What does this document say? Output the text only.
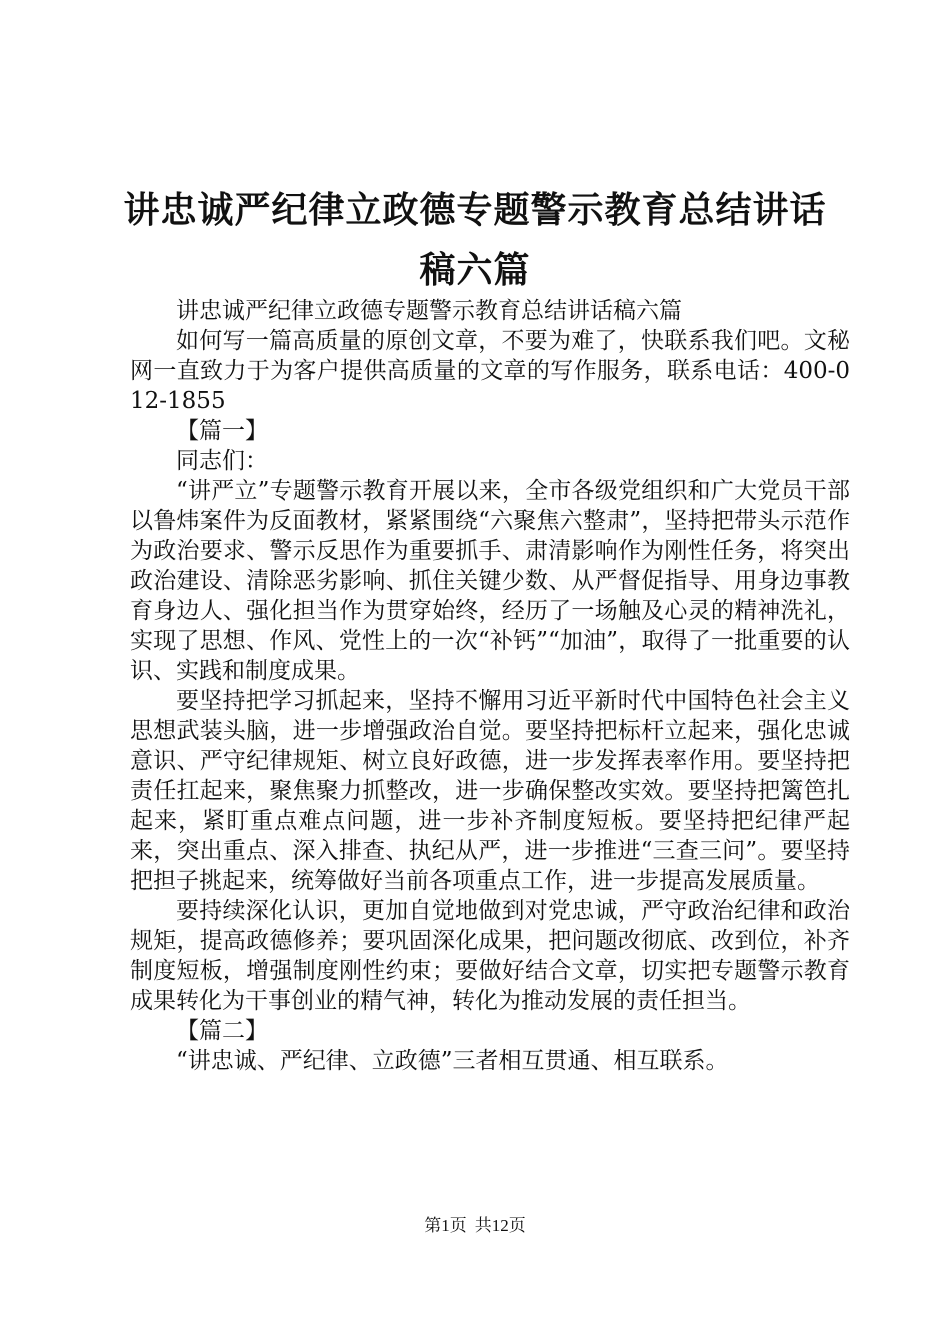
讲忠诚严纪律立政德专题警示教育总结讲话稿六篇

讲忠诚严纪律立政德专题警示教育总结讲话稿六篇

如何写一篇高质量的原创文章，不要为难了，快联系我们吧。文秘网一直致力于为客户提供高质量的文章的写作服务，联系电话：400-012-1855

【篇一】

同志们：

“讲严立”专题警示教育开展以来，全市各级党组织和广大党员干部以鲁炜案件为反面教材，紧紧围绕“六聚焦六整肃”，坚持把带头示范作为政治要求、警示反思作为重要抓手、肃清影响作为刚性任务，将突出政治建设、清除恶劣影响、抓住关键少数、从严督促指导、用身边事教育身边人、强化担当作为贯穿始终，经历了一场触及心灵的精神洗礼，实现了思想、作风、党性上的一次“补钙”“加油”，取得了一批重要的认识、实践和制度成果。

要坚持把学习抓起来，坚持不懈用习近平新时代中国特色社会主义思想武装头脑，进一步增强政治自觉。要坚持把标杆立起来，强化忠诚意识、严守纪律规矩、树立良好政德，进一步发挥表率作用。要坚持把责任扛起来，聚焦聚力抓整改，进一步确保整改实效。要坚持把篱笆扎起来，紧盯重点难点问题，进一步补齐制度短板。要坚持把纪律严起来，突出重点、深入排查、执纪从严，进一步推进“三查三问”。要坚持把担子挑起来，统筹做好当前各项重点工作，进一步提高发展质量。

要持续深化认识，更加自觉地做到对党忠诚，严守政治纪律和政治规矩，提高政德修养；要巩固深化成果，把问题改彻底、改到位，补齐制度短板，增强制度刚性约束；要做好结合文章，切实把专题警示教育成果转化为干事创业的精气神，转化为推动发展的责任担当。

【篇二】

“讲忠诚、严纪律、立政德”三者相互贯通、相互联系。

第1页 共12页
